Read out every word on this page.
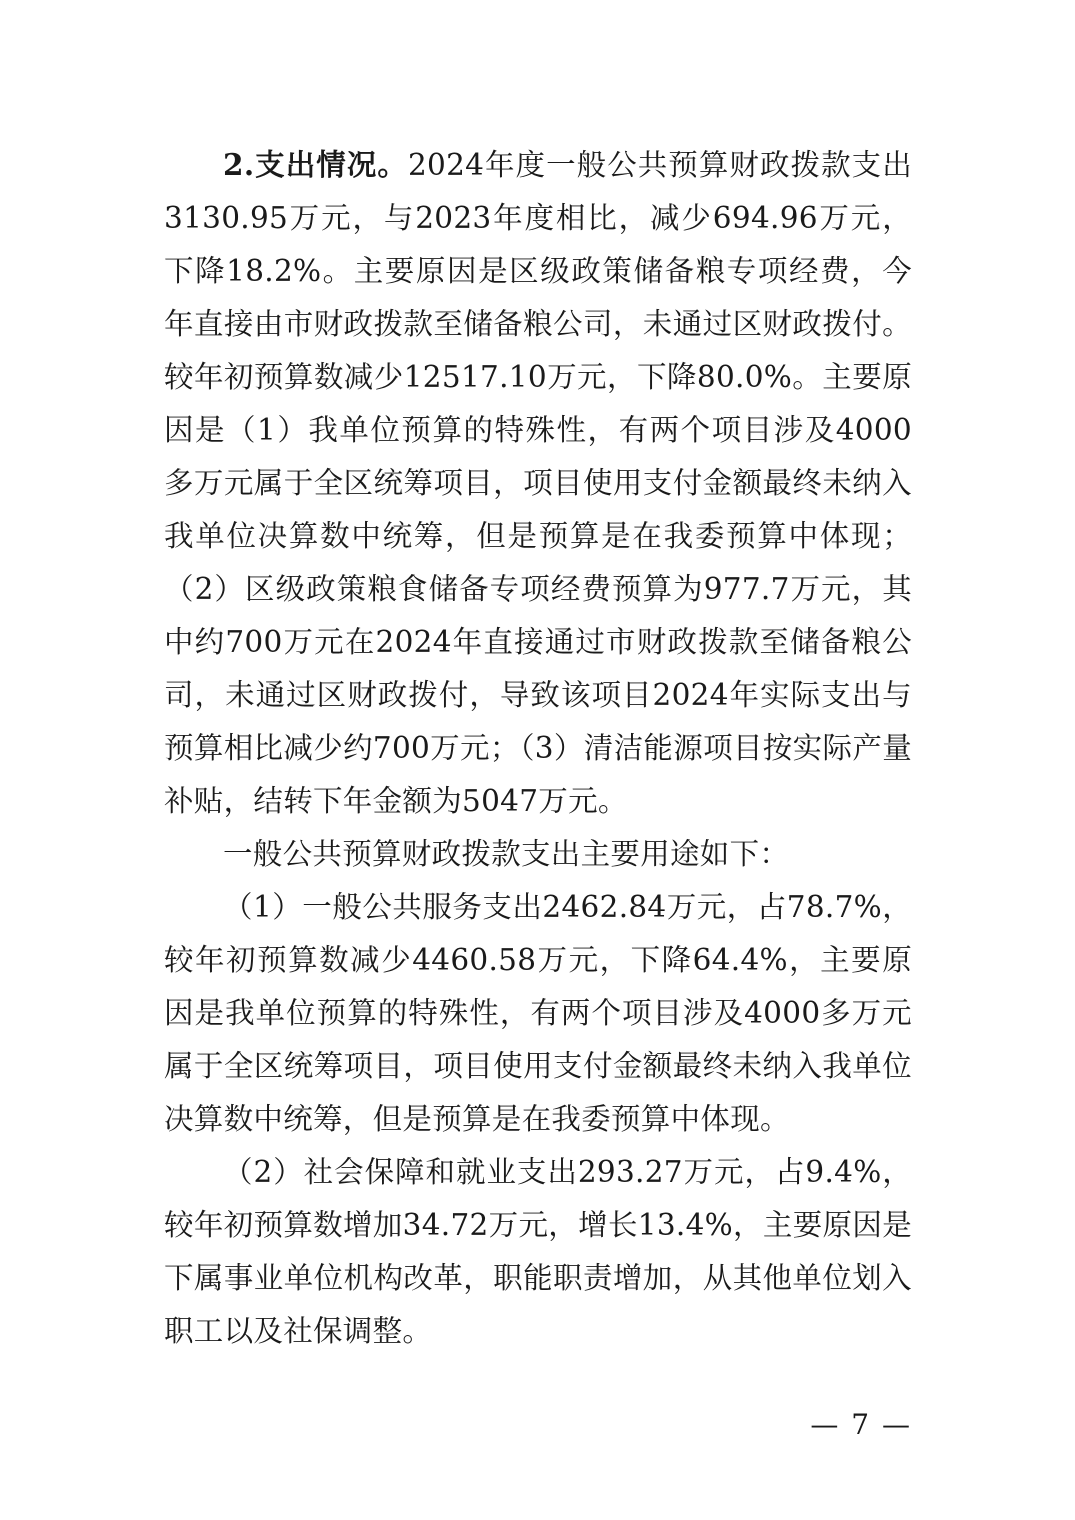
2.支出情况。2024年度一般公共预算财政拨款支出3130.95万元，与2023年度相比，减少694.96万元，下降18.2%。主要原因是区级政策储备粮专项经费，今年直接由市财政拨款至储备粮公司，未通过区财政拨付。较年初预算数减少12517.10万元，下降80.0%。主要原因是（1）我单位预算的特殊性，有两个项目涉及4000多万元属于全区统筹项目，项目使用支付金额最终未纳入我单位决算数中统筹，但是预算是在我委预算中体现；（2）区级政策粮食储备专项经费预算为977.7万元，其中约700万元在2024年直接通过市财政拨款至储备粮公司，未通过区财政拨付，导致该项目2024年实际支出与预算相比减少约700万元；（3）清洁能源项目按实际产量补贴，结转下年金额为5047万元。

一般公共预算财政拨款支出主要用途如下：

（1）一般公共服务支出2462.84万元，占78.7%，较年初预算数减少4460.58万元，下降64.4%，主要原因是我单位预算的特殊性，有两个项目涉及4000多万元属于全区统筹项目，项目使用支付金额最终未纳入我单位决算数中统筹，但是预算是在我委预算中体现。

（2）社会保障和就业支出293.27万元，占9.4%，较年初预算数增加34.72万元，增长13.4%，主要原因是下属事业单位机构改革，职能职责增加，从其他单位划入职工以及社保调整。

— 7 —
